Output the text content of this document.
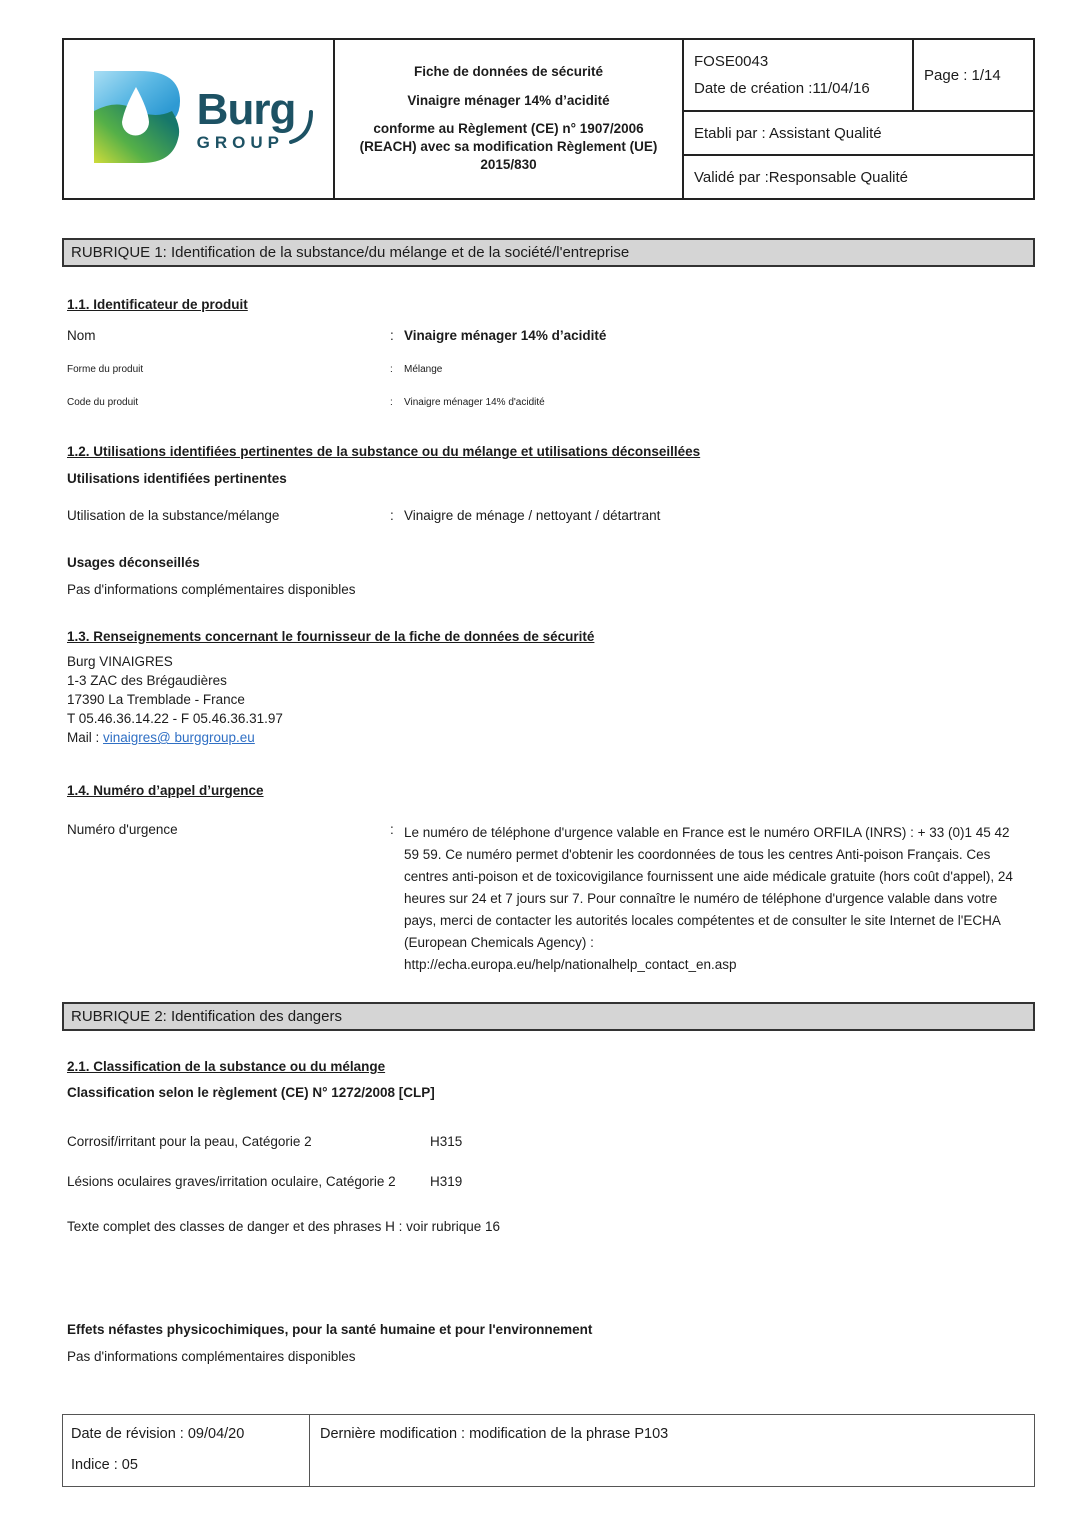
Burg
GROUP
Fiche de données de sécurité
Vinaigre ménager 14% d’acidité
conforme au Règlement (CE) n° 1907/2006 (REACH) avec sa modification Règlement (UE) 2015/830
FOSE0043
Date de création :11/04/16
Page : 1/14
Etabli par : Assistant Qualité
Validé par :Responsable Qualité
RUBRIQUE 1: Identification de la substance/du mélange et de la société/l'entreprise
1.1. Identificateur de produit
Nom	: Vinaigre ménager 14% d’acidité
Forme du produit	:	Mélange
Code du produit	:	Vinaigre ménager 14% d'acidité
1.2. Utilisations identifiées pertinentes de la substance ou du mélange et utilisations déconseillées
Utilisations identifiées pertinentes
Utilisation de la substance/mélange	: Vinaigre de ménage / nettoyant / détartrant
Usages déconseillés
Pas d'informations complémentaires disponibles
1.3. Renseignements concernant le fournisseur de la fiche de données de sécurité
Burg VINAIGRES
1-3 ZAC des Brégaudières
17390 La Tremblade - France
T 05.46.36.14.22 - F 05.46.36.31.97
Mail : vinaigres@ burggroup.eu
1.4. Numéro d’appel d’urgence
Numéro d'urgence	: Le numéro de téléphone d'urgence valable en France est le numéro ORFILA (INRS) : + 33 (0)1 45 42 59 59. Ce numéro permet d'obtenir les coordonnées de tous les centres Anti-poison Français. Ces centres anti-poison et de toxicovigilance fournissent une aide médicale gratuite (hors coût d'appel), 24 heures sur 24 et 7 jours sur 7. Pour connaître le numéro de téléphone d'urgence valable dans votre pays, merci de contacter les autorités locales compétentes et de consulter le site Internet de l'ECHA (European Chemicals Agency) :
http://echa.europa.eu/help/nationalhelp_contact_en.asp
RUBRIQUE 2: Identification des dangers
2.1. Classification de la substance ou du mélange
Classification selon le règlement (CE) N° 1272/2008 [CLP]
Corrosif/irritant pour la peau, Catégorie 2	H315
Lésions oculaires graves/irritation oculaire, Catégorie 2	H319
Texte complet des classes de danger et des phrases H : voir rubrique 16
Effets néfastes physicochimiques, pour la santé humaine et pour l'environnement
Pas d'informations complémentaires disponibles
Date de révision : 09/04/20
Indice : 05
Dernière modification : modification de la phrase P103
